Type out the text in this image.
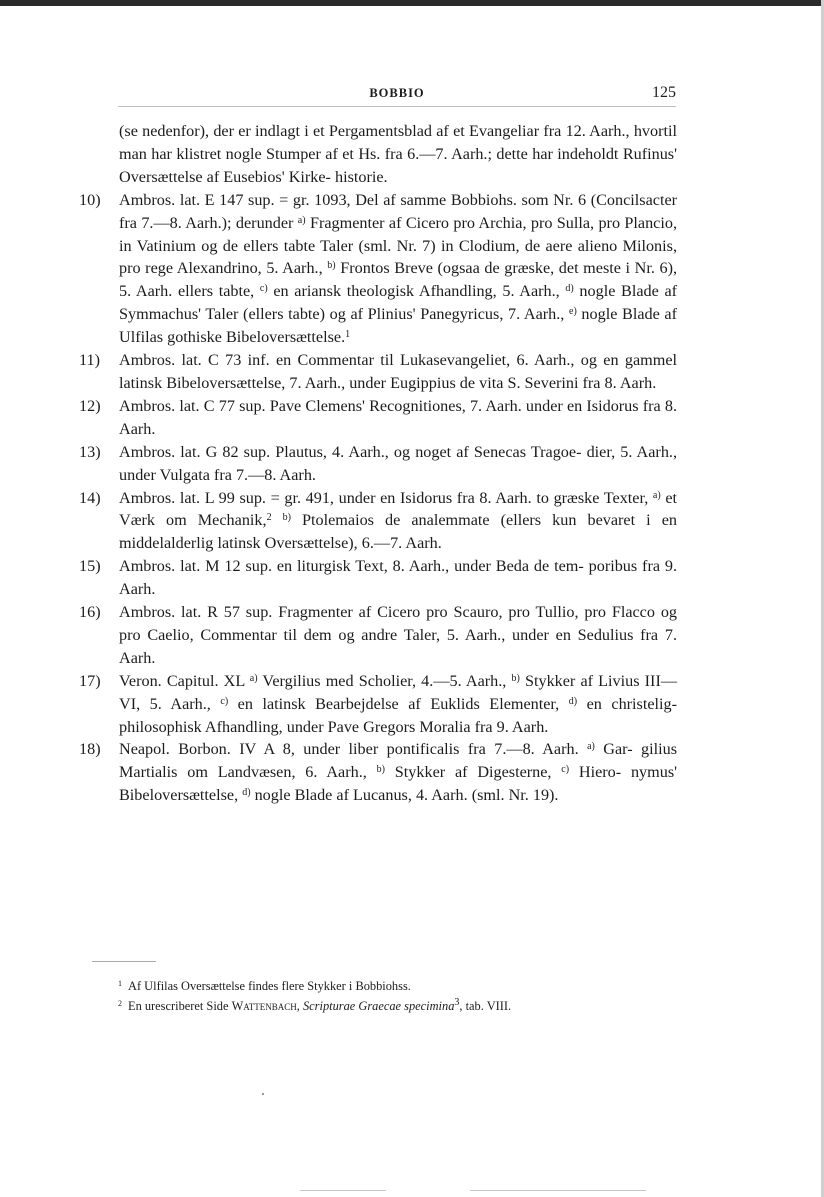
BOBBIO	125
(se nedenfor), der er indlagt i et Pergamentsblad af et Evangeliar fra 12. Aarh., hvortil man har klistret nogle Stumper af et Hs. fra 6.—7. Aarh.; dette har indeholdt Rufinus' Oversættelse af Eusebios' Kirke- historie.
10)	Ambros. lat. E 147 sup. = gr. 1093, Del af samme Bobbiohs. som Nr. 6 (Concilsacter fra 7.—8. Aarh.); derunder $^{a)}$ Fragmenter af Cicero pro Archia, pro Sulla, pro Plancio, in Vatinium og de ellers tabte Taler (sml. Nr. 7) in Clodium, de aere alieno Milonis, pro rege Alexandrino, 5. Aarh., $^{b)}$ Frontos Breve (ogsaa de græske, det meste i Nr. 6), 5. Aarh. ellers tabte, $^{c)}$ en ariansk theologisk Afhandling, 5. Aarh., $^{d)}$ nogle Blade af Symmachus' Taler (ellers tabte) og af Plinius' Panegyricus, 7. Aarh., $^{e)}$ nogle Blade af Ulfilas gothiske Bibeloversættelse.$^1$
11)	Ambros. lat. C 73 inf. en Commentar til Lukasevangeliet, 6. Aarh., og en gammel latinsk Bibeloversættelse, 7. Aarh., under Eugippius de vita S. Severini fra 8. Aarh.
12)	Ambros. lat. C 77 sup. Pave Clemens' Recognitiones, 7. Aarh. under en Isidorus fra 8. Aarh.
13)	Ambros. lat. G 82 sup. Plautus, 4. Aarh., og noget af Senecas Tragoe- dier, 5. Aarh., under Vulgata fra 7.—8. Aarh.
14)	Ambros. lat. L 99 sup. = gr. 491, under en Isidorus fra 8. Aarh. to græske Texter, $^{a)}$ et Værk om Mechanik,$^2$ $^{b)}$ Ptolemaios de analemmate (ellers kun bevaret i en middelalderlig latinsk Oversættelse), 6.—7. Aarh.
15)	Ambros. lat. M 12 sup. en liturgisk Text, 8. Aarh., under Beda de tem- poribus fra 9. Aarh.
16)	Ambros. lat. R 57 sup. Fragmenter af Cicero pro Scauro, pro Tullio, pro Flacco og pro Caelio, Commentar til dem og andre Taler, 5. Aarh., under en Sedulius fra 7. Aarh.
17)	Veron. Capitul. XL $^{a)}$ Vergilius med Scholier, 4.—5. Aarh., $^{b)}$ Stykker af Livius III—VI, 5. Aarh., $^{c)}$ en latinsk Bearbejdelse af Euklids Elementer, $^{d)}$ en christelig-philosophisk Afhandling, under Pave Gregors Moralia fra 9. Aarh.
18)	Neapol. Borbon. IV A 8, under liber pontificalis fra 7.—8. Aarh. $^{a)}$ Gar- gilius Martialis om Landvæsen, 6. Aarh., $^{b)}$ Stykker af Digesterne, $^{c)}$ Hiero- nymus' Bibeloversættelse, $^{d)}$ nogle Blade af Lucanus, 4. Aarh. (sml. Nr. 19).
$^1$ Af Ulfilas Oversættelse findes flere Stykker i Bobbiohss.
$^2$ En urescriberet Side Wattenbach, Scripturae Graecae specimina$^3$, tab. VIII.
